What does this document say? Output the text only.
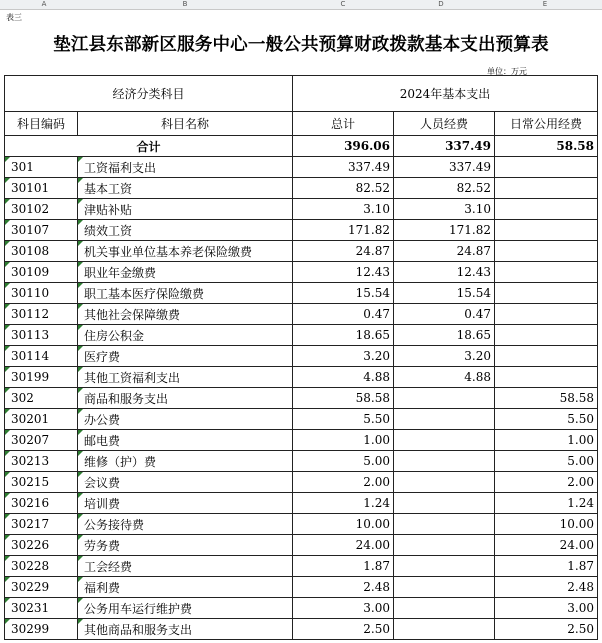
A	B	C	D	E
表三
垫江县东部新区服务中心一般公共预算财政拨款基本支出预算表
单位：万元
经济分类科目		2024年基本支出		
科目编码	科目名称	总计	人员经费	日常公用经费
合计		396.06	337.49	58.58

301	工资福利支出	337.49	337.49	

30101	基本工资	82.52	82.52	

30102	津贴补贴	3.10	3.10	

30107	绩效工资	171.82	171.82	

30108	机关事业单位基本养老保险缴费	24.87	24.87	

30109	职业年金缴费	12.43	12.43	

30110	职工基本医疗保险缴费	15.54	15.54	

30112	其他社会保障缴费	0.47	0.47	

30113	住房公积金	18.65	18.65	

30114	医疗费	3.20	3.20	

30199	其他工资福利支出	4.88	4.88	

302	商品和服务支出	58.58		58.58

30201	办公费	5.50		5.50

30207	邮电费	1.00		1.00

30213	维修（护）费	5.00		5.00

30215	会议费	2.00		2.00

30216	培训费	1.24		1.24

30217	公务接待费	10.00		10.00

30226	劳务费	24.00		24.00

30228	工会经费	1.87		1.87

30229	福利费	2.48		2.48

30231	公务用车运行维护费	3.00		3.00

30299	其他商品和服务支出	2.50		2.50
